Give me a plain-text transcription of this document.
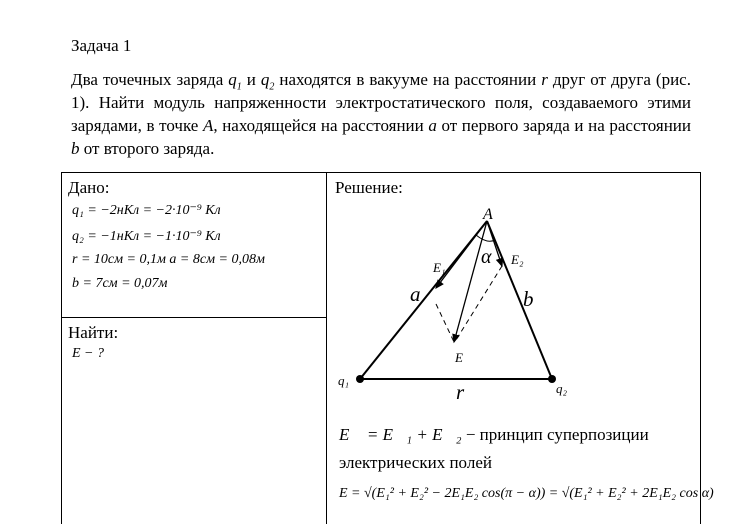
Задача 1
Два точечных заряда $q_1$ и $q_2$ находятся в вакууме на расстоянии r друг от друга (рис. 1). Найти модуль напряженности электростатического поля, создаваемого этими зарядами, в точке A, находящейся на расстоянии a от первого заряда и на расстоянии b от второго заряда.
Дано:
q₁ = −2нКл = −2·10⁻⁹ Кл
q₂ = −1нКл = −1·10⁻⁹ Кл
r = 10см = 0,1м a = 8см = 0,08м
b = 7см = 0,07м
Найти:
E − ?
Решение:
A
α
E₁
E₂
a	b
E
q₁	r	q₂
E⃗ = E⃗₁ + E⃗₂ − принцип суперпозиции
электрических полей
E = √(E₁² + E₂² − 2E₁E₂ cos(π − α)) = √(E₁² + E₂² + 2E₁E₂ cos α)
